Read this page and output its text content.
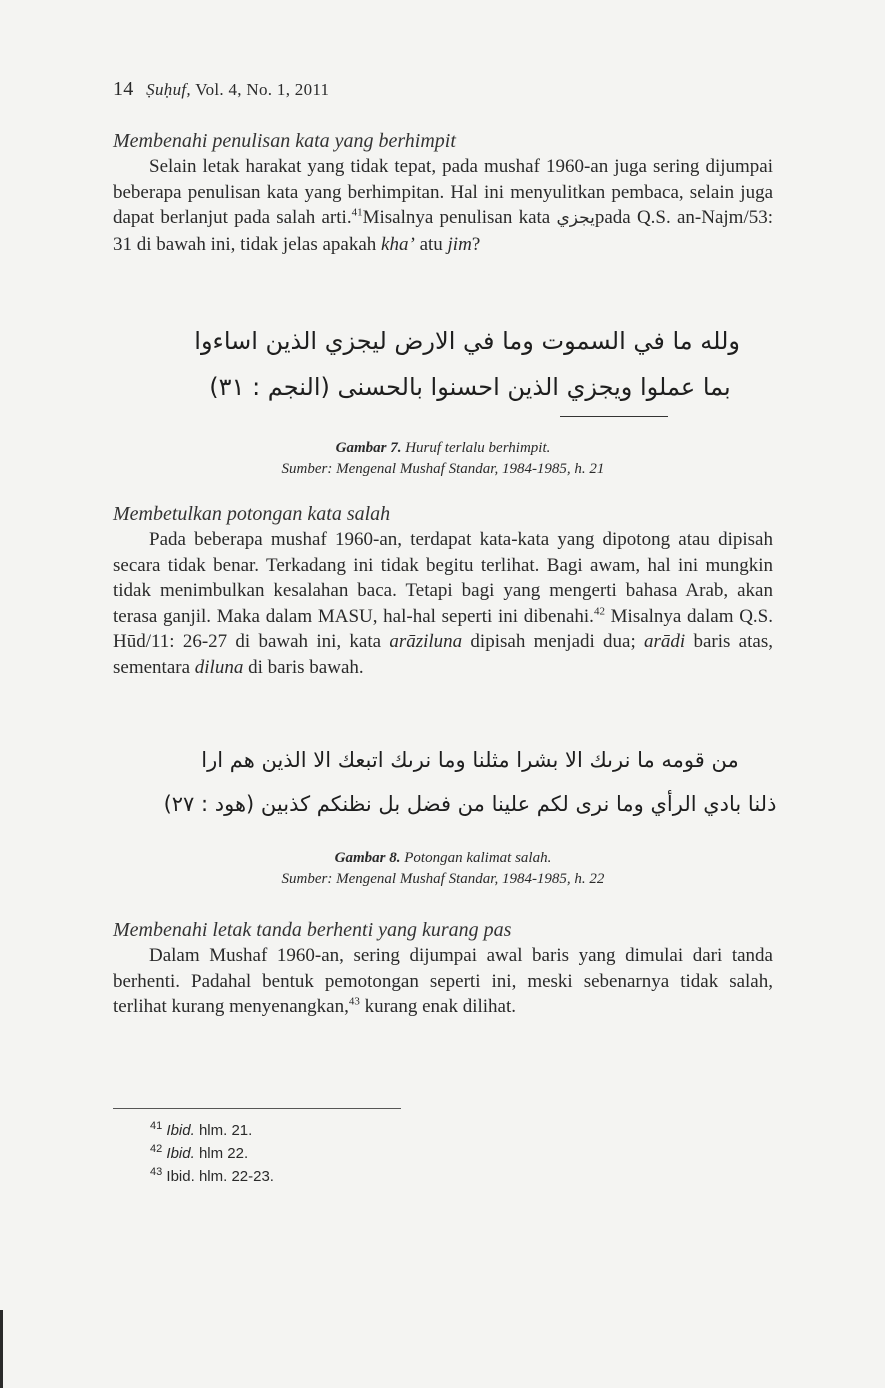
14 Ṣuḥuf, Vol. 4, No. 1, 2011
Membenahi penulisan kata yang berhimpit

Selain letak harakat yang tidak tepat, pada mushaf 1960-an juga sering dijumpai beberapa penulisan kata yang berhimpitan. Hal ini menyulitkan pembaca, selain juga dapat berlanjut pada salah arti.$^{41}$Misalnya penulisan kata يجزيpada Q.S. an-Najm/53: 31 di bawah ini, tidak jelas apakah kha’ atu jim?

ولله ما في السموت وما في الارض ليجزي الذين اساءوا
بما عملوا ويجزي الذين احسنوا بالحسنى (النجم : ٣١)
Gambar 7. Huruf terlalu berhimpit.
Sumber: Mengenal Mushaf Standar, 1984-1985, h. 21
Membetulkan potongan kata salah

Pada beberapa mushaf 1960-an, terdapat kata-kata yang dipotong atau dipisah secara tidak benar. Terkadang ini tidak begitu terlihat. Bagi awam, hal ini mungkin tidak menimbulkan kesalahan baca. Tetapi bagi yang mengerti bahasa Arab, akan terasa ganjil. Maka dalam MASU, hal-hal seperti ini dibenahi.$^{42}$ Misalnya dalam Q.S. Hūd/11: 26-27 di bawah ini, kata arāziluna dipisah menjadi dua; arādi baris atas, sementara diluna di baris bawah.

من قومه ما نرىك الا بشرا مثلنا وما نرىك اتبعك الا الذين هم ارا
ذلنا بادي الرأي وما نرى لكم علينا من فضل بل نظنكم كذبين (هود : ٢٧)
Gambar 8. Potongan kalimat salah.
Sumber: Mengenal Mushaf Standar, 1984-1985, h. 22
Membenahi letak tanda berhenti yang kurang pas

Dalam Mushaf 1960-an, sering dijumpai awal baris yang dimulai dari tanda berhenti. Padahal bentuk pemotongan seperti ini, meski sebenarnya tidak salah, terlihat kurang menyenangkan,$^{43}$ kurang enak dilihat.

$^{41}$ Ibid. hlm. 21.
$^{42}$ Ibid. hlm 22.
$^{43}$ Ibid. hlm. 22-23.
